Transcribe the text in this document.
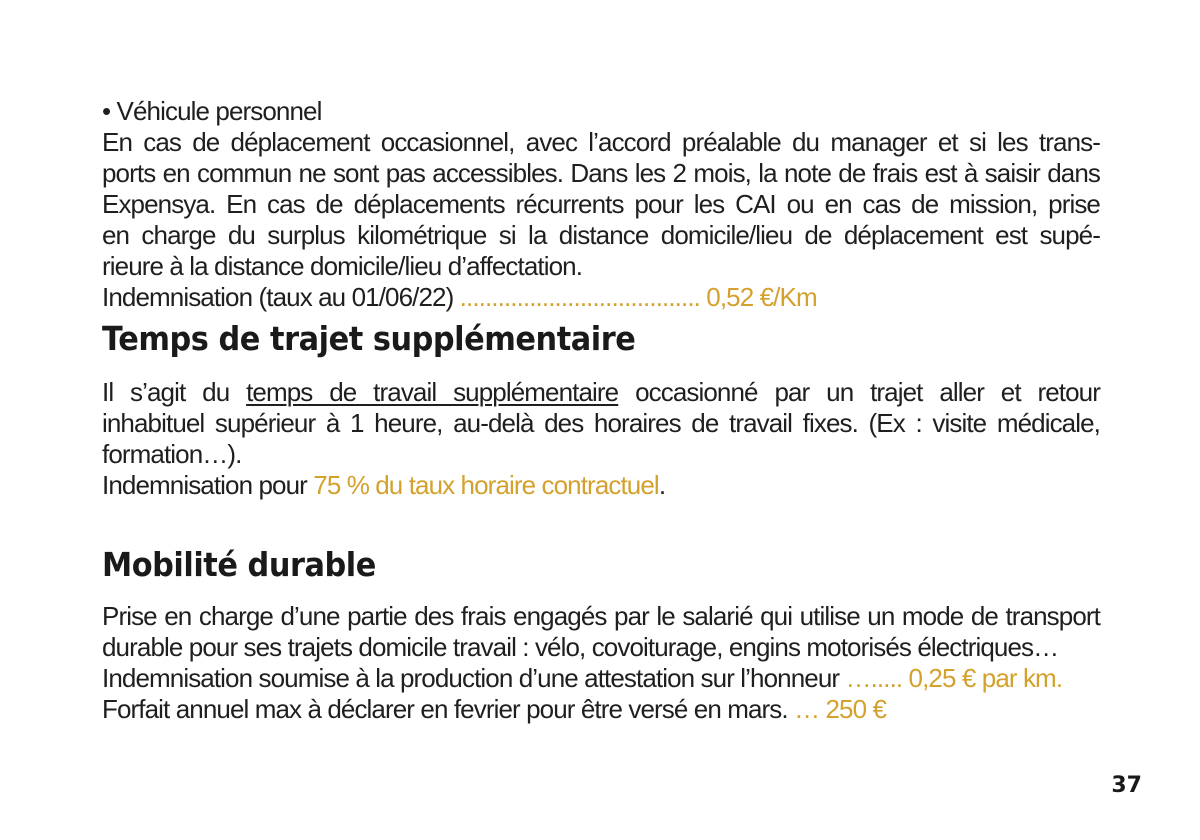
• Véhicule personnel

En cas de déplacement occasionnel, avec l’accord préalable du manager et si les trans-

ports en commun ne sont pas accessibles. Dans les 2 mois, la note de frais est à saisir dans

Expensya. En cas de déplacements récurrents pour les CAI ou en cas de mission, prise

en charge du surplus kilométrique si la distance domicile/lieu de déplacement est supé-

rieure à la distance domicile/lieu d’affectation.

Indemnisation (taux au 01/06/22) ...................................... 0,52 €/Km
Temps de trajet supplémentaire

Il s’agit du temps de travail supplémentaire occasionné par un trajet aller et retour

inhabituel supérieur à 1 heure, au-delà des horaires de travail fixes. (Ex : visite médicale,

formation…).

Indemnisation pour 75 % du taux horaire contractuel.
Mobilité durable

Prise en charge d’une partie des frais engagés par le salarié qui utilise un mode de transport

durable pour ses trajets domicile travail : vélo, covoiturage, engins motorisés électriques…

Indemnisation soumise à la production d’une attestation sur l’honneur …..... 0,25 € par km.
Forfait annuel max à déclarer en fevrier pour être versé en mars. … 250 €
37
